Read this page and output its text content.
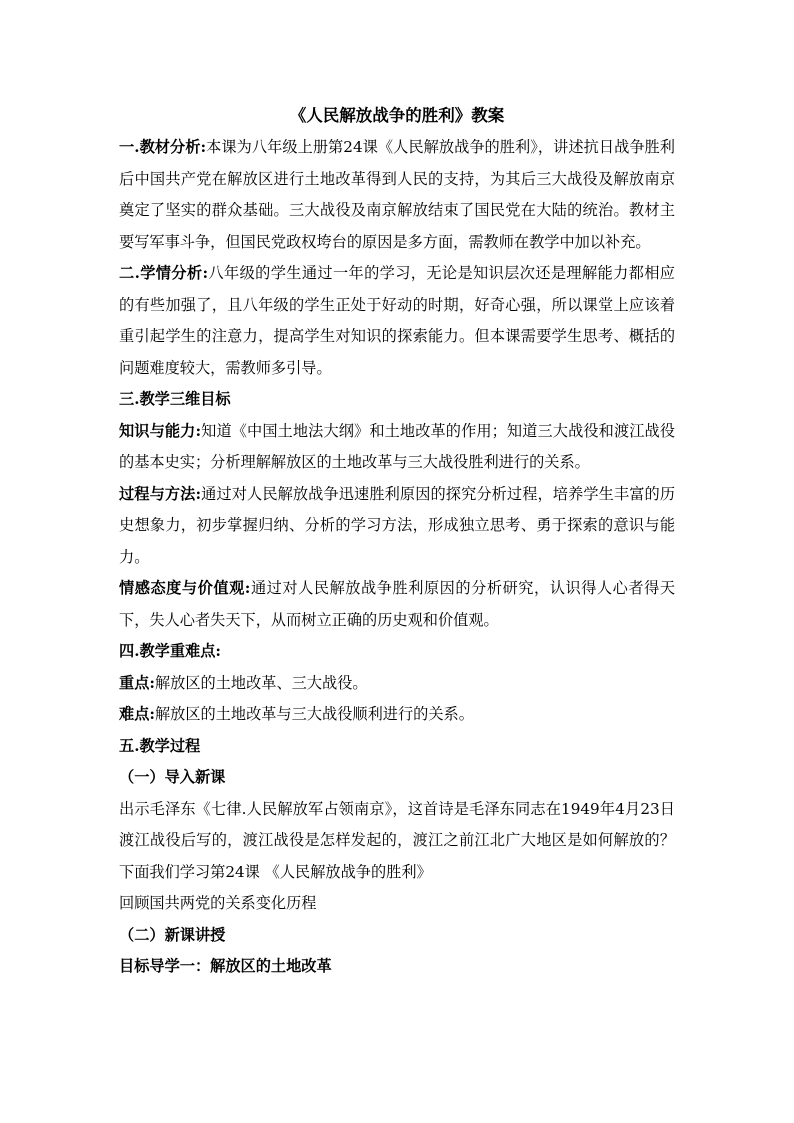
《人民解放战争的胜利》教案

一.教材分析:本课为八年级上册第24课《人民解放战争的胜利》，讲述抗日战争胜利后中国共产党在解放区进行土地改革得到人民的支持，为其后三大战役及解放南京奠定了坚实的群众基础。三大战役及南京解放结束了国民党在大陆的统治。教材主要写军事斗争，但国民党政权垮台的原因是多方面，需教师在教学中加以补充。

二.学情分析:八年级的学生通过一年的学习，无论是知识层次还是理解能力都相应的有些加强了，且八年级的学生正处于好动的时期，好奇心强，所以课堂上应该着重引起学生的注意力，提高学生对知识的探索能力。但本课需要学生思考、概括的问题难度较大，需教师多引导。

三.教学三维目标

知识与能力:知道《中国土地法大纲》和土地改革的作用；知道三大战役和渡江战役的基本史实；分析理解解放区的土地改革与三大战役胜利进行的关系。

过程与方法:通过对人民解放战争迅速胜利原因的探究分析过程，培养学生丰富的历史想象力，初步掌握归纳、分析的学习方法，形成独立思考、勇于探索的意识与能力。

情感态度与价值观:通过对人民解放战争胜利原因的分析研究，认识得人心者得天下，失人心者失天下，从而树立正确的历史观和价值观。

四.教学重难点:

重点:解放区的土地改革、三大战役。

难点:解放区的土地改革与三大战役顺利进行的关系。

五.教学过程

（一）导入新课

出示毛泽东《七律.人民解放军占领南京》，这首诗是毛泽东同志在1949年4月23日渡江战役后写的，渡江战役是怎样发起的，渡江之前江北广大地区是如何解放的？下面我们学习第24课 《人民解放战争的胜利》

回顾国共两党的关系变化历程

（二）新课讲授

目标导学一：解放区的土地改革
